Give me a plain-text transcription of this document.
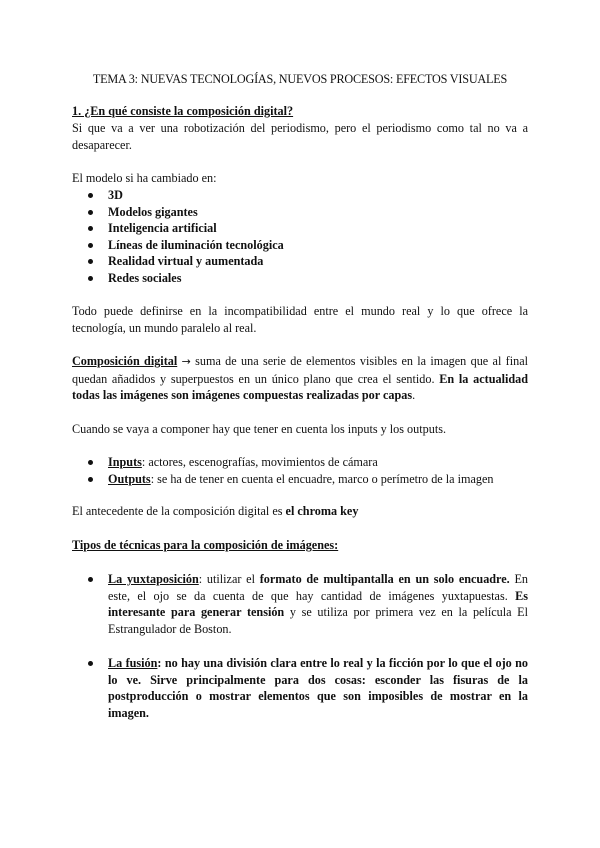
TEMA 3: NUEVAS TECNOLOGÍAS, NUEVOS PROCESOS: EFECTOS VISUALES
1. ¿En qué consiste la composición digital?
Si que va a ver una robotización del periodismo, pero el periodismo como tal no va a desaparecer.
El modelo si ha cambiado en:
3D
Modelos gigantes
Inteligencia artificial
Líneas de iluminación tecnológica
Realidad virtual y aumentada
Redes sociales
Todo puede definirse en la incompatibilidad entre el mundo real y lo que ofrece la tecnología, un mundo paralelo al real.
Composición digital → suma de una serie de elementos visibles en la imagen que al final quedan añadidos y superpuestos en un único plano que crea el sentido. En la actualidad todas las imágenes son imágenes compuestas realizadas por capas.
Cuando se vaya a componer hay que tener en cuenta los inputs y los outputs.
Inputs: actores, escenografías, movimientos de cámara
Outputs: se ha de tener en cuenta el encuadre, marco o perímetro de la imagen
El antecedente de la composición digital es el chroma key
Tipos de técnicas para la composición de imágenes:
La yuxtaposición: utilizar el formato de multipantalla en un solo encuadre. En este, el ojo se da cuenta de que hay cantidad de imágenes yuxtapuestas. Es interesante para generar tensión y se utiliza por primera vez en la película El Estrangulador de Boston.
La fusión: no hay una división clara entre lo real y la ficción por lo que el ojo no lo ve. Sirve principalmente para dos cosas: esconder las fisuras de la postproducción o mostrar elementos que son imposibles de mostrar en la imagen.
